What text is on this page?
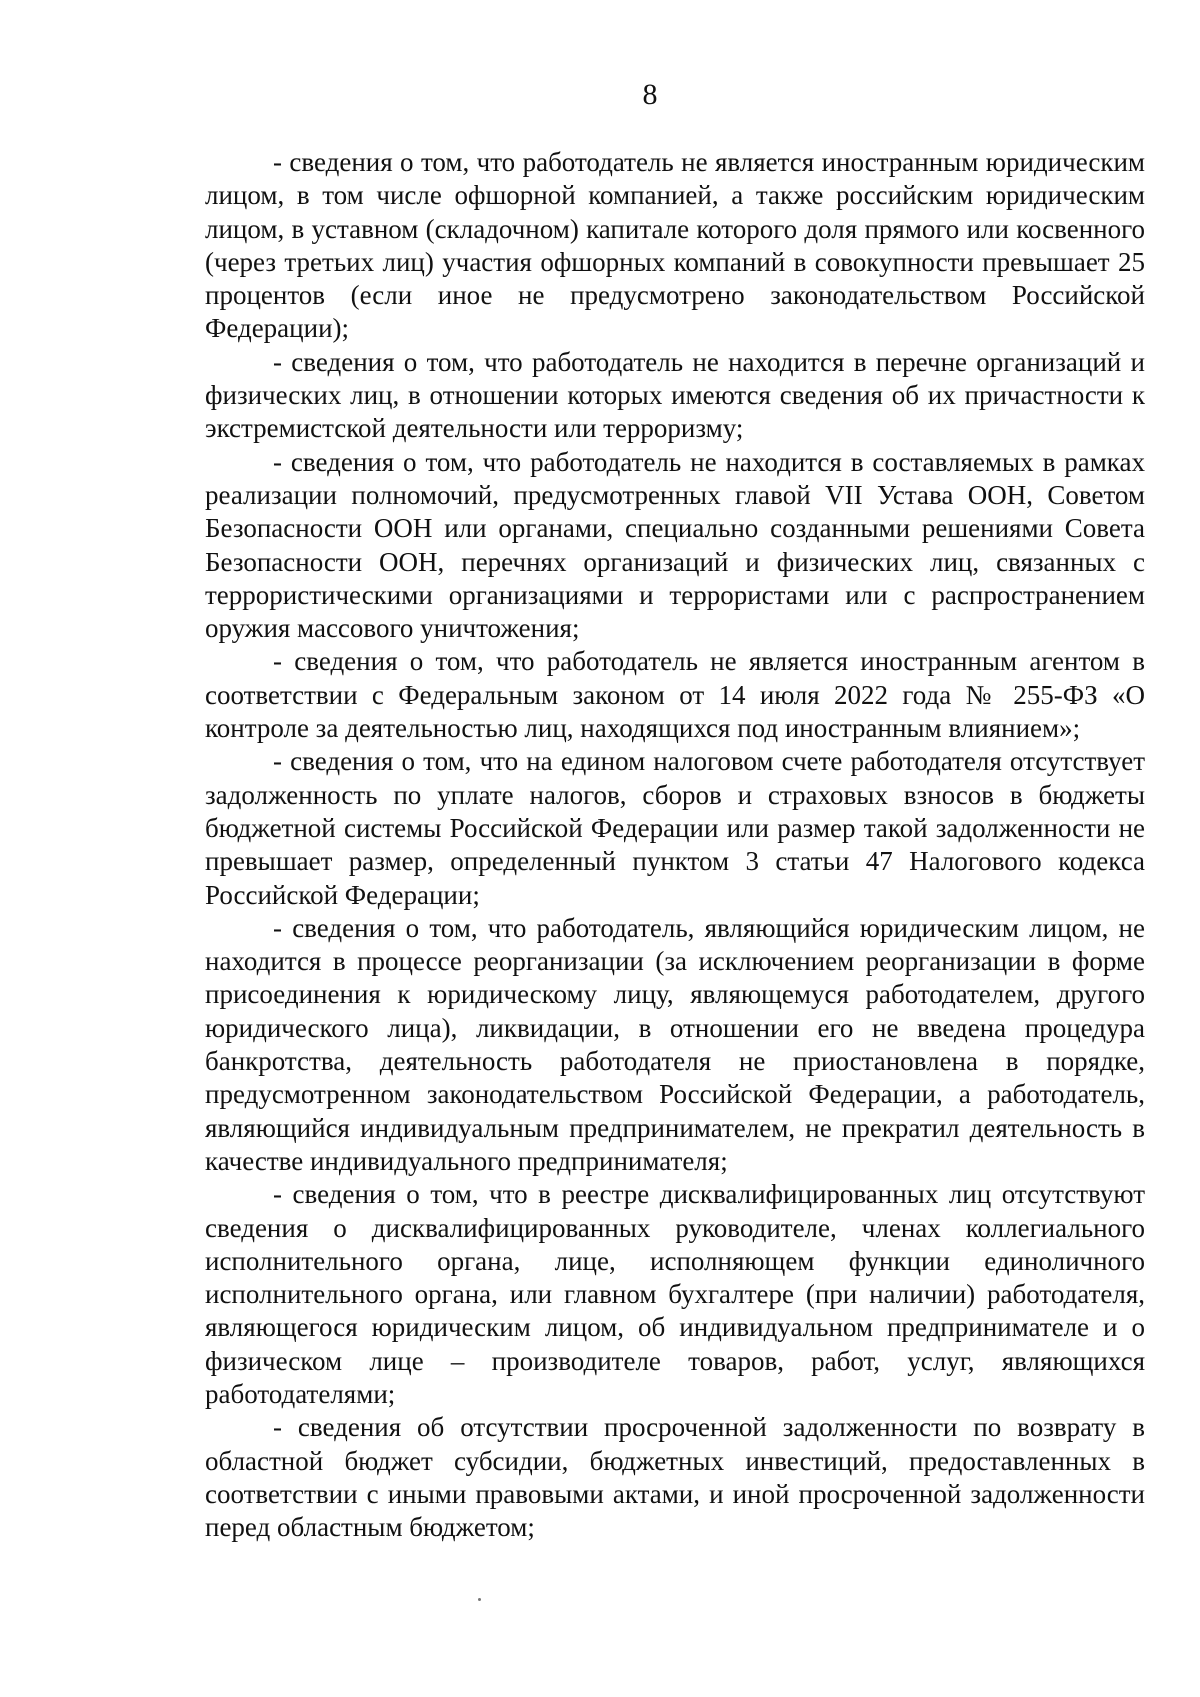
8

- сведения о том, что работодатель не является иностранным юридическим лицом, в том числе офшорной компанией, а также российским юридическим лицом, в уставном (складочном) капитале которого доля прямого или косвенного (через третьих лиц) участия офшорных компаний в совокупности превышает 25 процентов (если иное не предусмотрено законодательством Российской Федерации);

- сведения о том, что работодатель не находится в перечне организаций и физических лиц, в отношении которых имеются сведения об их причастности к экстремистской деятельности или терроризму;

- сведения о том, что работодатель не находится в составляемых в рамках реализации полномочий, предусмотренных главой VII Устава ООН, Советом Безопасности ООН или органами, специально созданными решениями Совета Безопасности ООН, перечнях организаций и физических лиц, связанных с террористическими организациями и террористами или с распространением оружия массового уничтожения;

- сведения о том, что работодатель не является иностранным агентом в соответствии с Федеральным законом от 14 июля 2022 года № 255-ФЗ «О контроле за деятельностью лиц, находящихся под иностранным влиянием»;

- сведения о том, что на едином налоговом счете работодателя отсутствует задолженность по уплате налогов, сборов и страховых взносов в бюджеты бюджетной системы Российской Федерации или размер такой задолженности не превышает размер, определенный пунктом 3 статьи 47 Налогового кодекса Российской Федерации;

- сведения о том, что работодатель, являющийся юридическим лицом, не находится в процессе реорганизации (за исключением реорганизации в форме присоединения к юридическому лицу, являющемуся работодателем, другого юридического лица), ликвидации, в отношении его не введена процедура банкротства, деятельность работодателя не приостановлена в порядке, предусмотренном законодательством Российской Федерации, а работодатель, являющийся индивидуальным предпринимателем, не прекратил деятельность в качестве индивидуального предпринимателя;

- сведения о том, что в реестре дисквалифицированных лиц отсутствуют сведения о дисквалифицированных руководителе, членах коллегиального исполнительного органа, лице, исполняющем функции единоличного исполнительного органа, или главном бухгалтере (при наличии) работодателя, являющегося юридическим лицом, об индивидуальном предпринимателе и о физическом лице – производителе товаров, работ, услуг, являющихся работодателями;

- сведения об отсутствии просроченной задолженности по возврату в областной бюджет субсидии, бюджетных инвестиций, предоставленных в соответствии с иными правовыми актами, и иной просроченной задолженности перед областным бюджетом;
